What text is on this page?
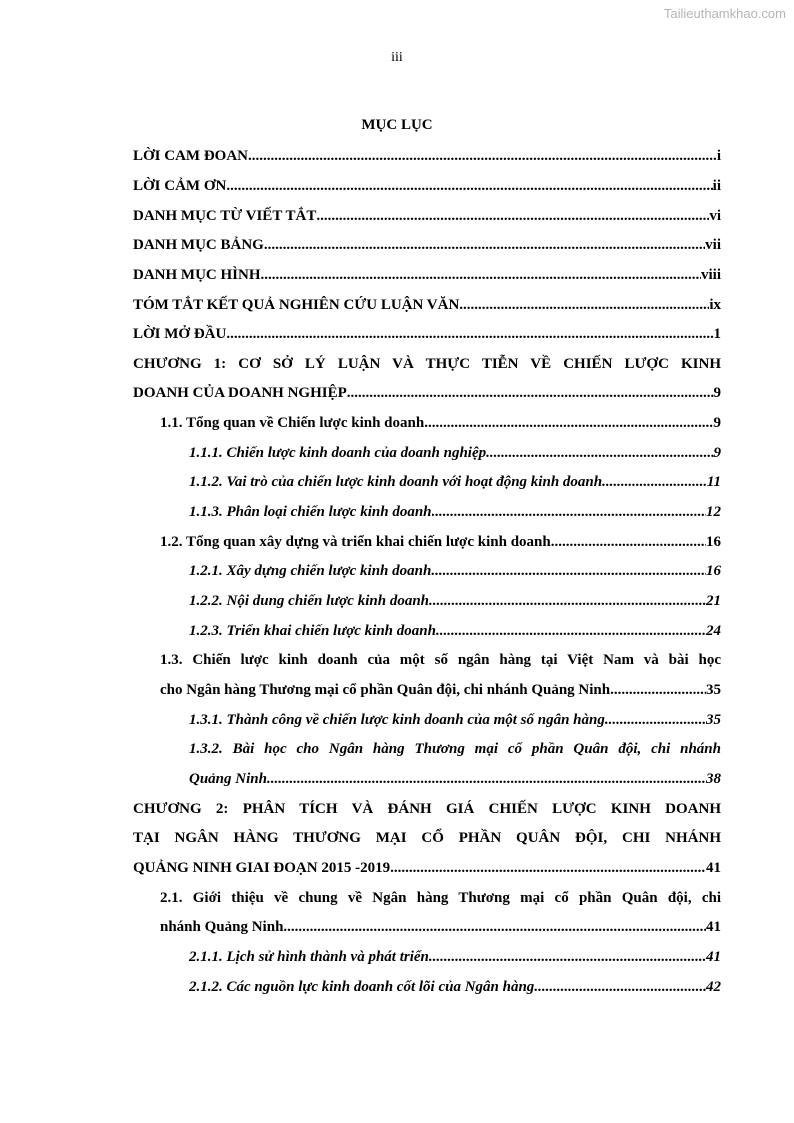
Tailieuthamkhao.com
iii
MỤC LỤC
LỜI CAM ĐOAN .....	i
LỜI CẢM ƠN .....	ii
DANH MỤC TỪ VIẾT TẮT .....	vi
DANH MỤC BẢNG .....	vii
DANH MỤC HÌNH .....	viii
TÓM TẮT KẾT QUẢ NGHIÊN CỨU LUẬN VĂN .....	ix
LỜI MỞ ĐẦU .....	1
CHƯƠNG 1: CƠ SỞ LÝ LUẬN VÀ THỰC TIỄN VỀ CHIẾN LƯỢC KINH
DOANH CỦA DOANH NGHIỆP .....	9
1.1. Tổng quan về Chiến lược kinh doanh .....	9
1.1.1. Chiến lược kinh doanh của doanh nghiệp .....	9
1.1.2. Vai trò của chiến lược kinh doanh với hoạt động kinh doanh .....	11
1.1.3. Phân loại chiến lược kinh doanh .....	12
1.2. Tổng quan xây dựng và triển khai chiến lược kinh doanh .....	16
1.2.1. Xây dựng chiến lược kinh doanh .....	16
1.2.2. Nội dung chiến lược kinh doanh .....	21
1.2.3. Triển khai chiến lược kinh doanh .....	24
1.3. Chiến lược kinh doanh của một số ngân hàng tại Việt Nam và bài học
cho Ngân hàng Thương mại cổ phần Quân đội, chi nhánh Quảng Ninh .....	35
1.3.1. Thành công về chiến lược kinh doanh của một số ngân hàng .....	35
1.3.2. Bài học cho Ngân hàng Thương mại cổ phần Quân đội, chi nhánh
Quảng Ninh .....	38
CHƯƠNG 2: PHÂN TÍCH VÀ ĐÁNH GIÁ CHIẾN LƯỢC KINH DOANH
TẠI NGÂN HÀNG THƯƠNG MẠI CỔ PHẦN QUÂN ĐỘI, CHI NHÁNH
QUẢNG NINH GIAI ĐOẠN 2015 -2019 .....	41
2.1. Giới thiệu về chung về Ngân hàng Thương mại cổ phần Quân đội, chi
nhánh Quảng Ninh .....	41
2.1.1. Lịch sử hình thành và phát triển .....	41
2.1.2. Các nguồn lực kinh doanh cốt lõi của Ngân hàng .....	42
